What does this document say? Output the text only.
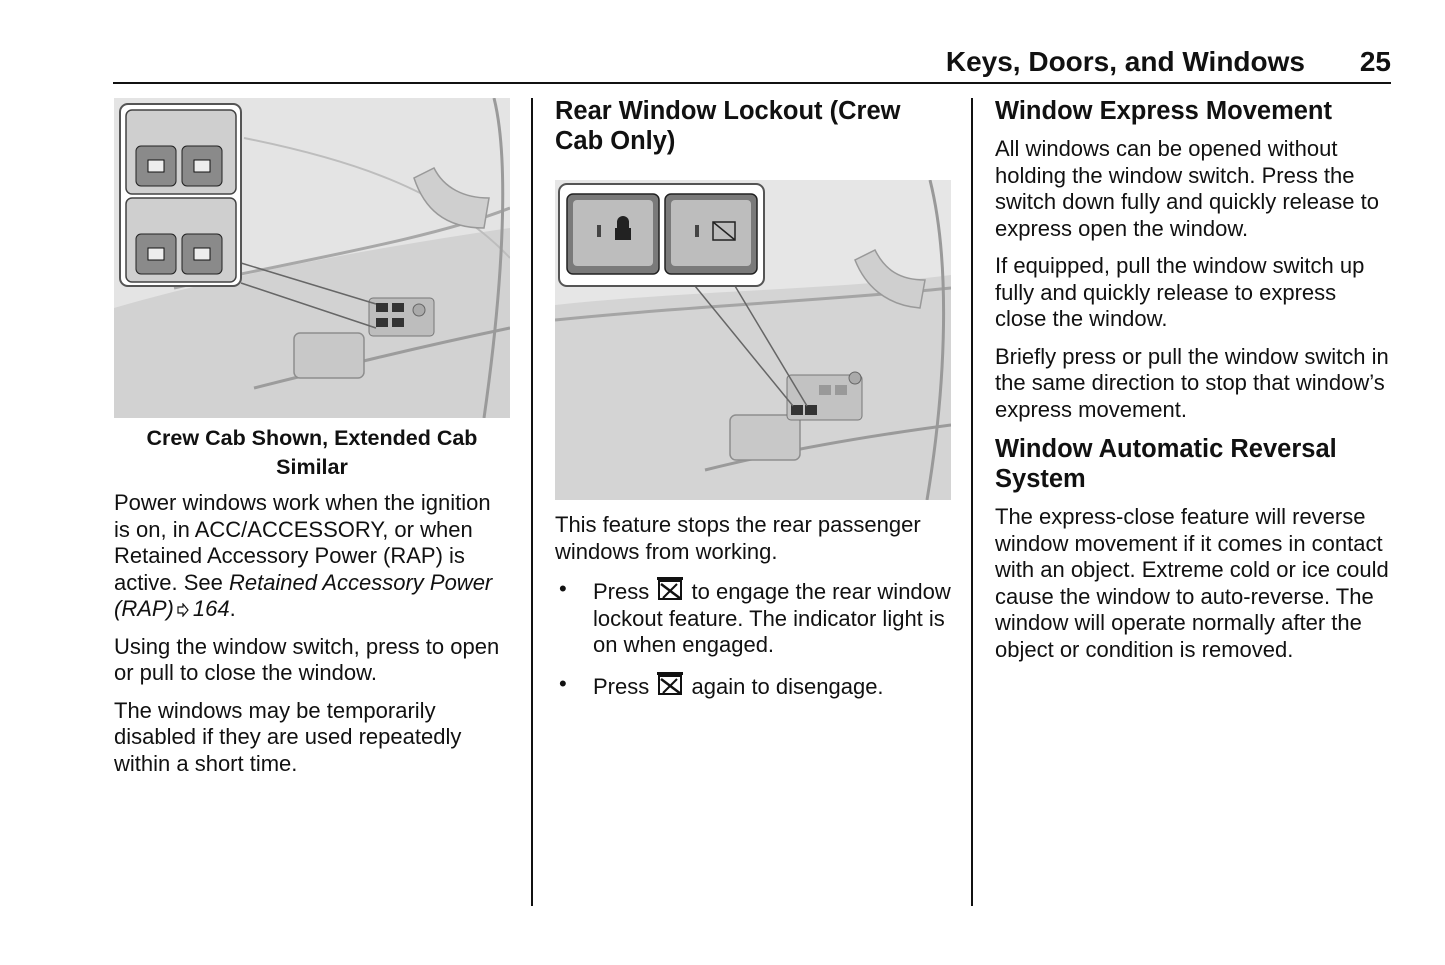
Keys, Doors, and Windows 25
Crew Cab Shown, Extended Cab
Similar

Power windows work when the ignition is on, in ACC/ACCESSORY, or when Retained Accessory Power (RAP) is active. See Retained Accessory Power (RAP) 164.

Using the window switch, press to open or pull to close the window.

The windows may be temporarily disabled if they are used repeatedly within a short time.

Rear Window Lockout (Crew Cab Only)

This feature stops the rear passenger windows from working.

• Press to engage the rear window lockout feature. The indicator light is on when engaged.
• Press again to disengage.
Window Express Movement

All windows can be opened without holding the window switch. Press the switch down fully and quickly release to express open the window.

If equipped, pull the window switch up fully and quickly release to express close the window.

Briefly press or pull the window switch in the same direction to stop that window’s express movement.

Window Automatic Reversal System

The express-close feature will reverse window movement if it comes in contact with an object. Extreme cold or ice could cause the window to auto-reverse. The window will operate normally after the object or condition is removed.
